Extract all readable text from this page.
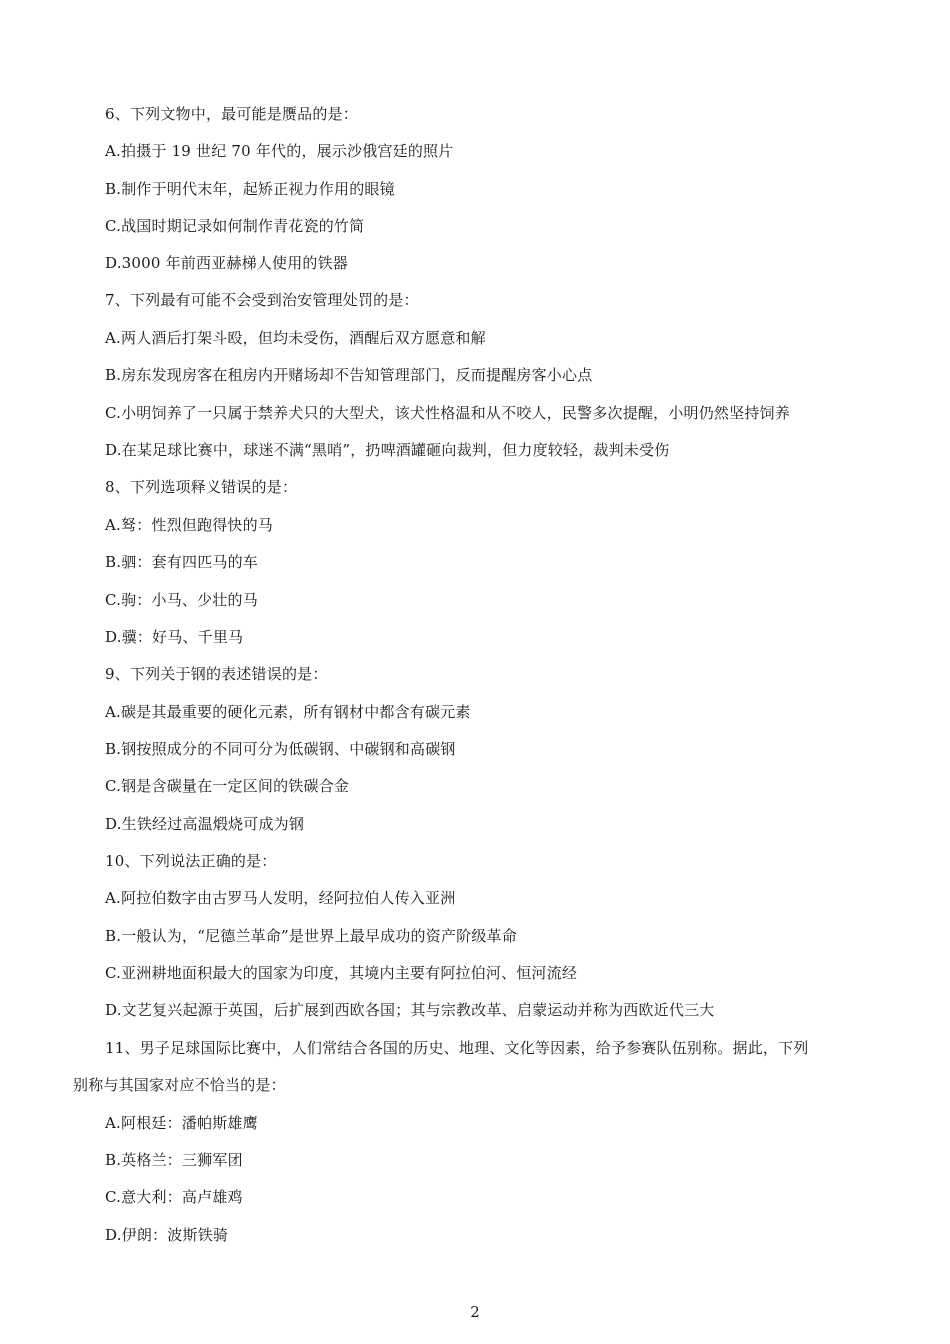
6、下列文物中，最可能是赝品的是：
A.拍摄于 19 世纪 70 年代的，展示沙俄宫廷的照片
B.制作于明代末年，起矫正视力作用的眼镜
C.战国时期记录如何制作青花瓷的竹简
D.3000 年前西亚赫梯人使用的铁器
7、下列最有可能不会受到治安管理处罚的是：
A.两人酒后打架斗殴，但均未受伤，酒醒后双方愿意和解
B.房东发现房客在租房内开赌场却不告知管理部门，反而提醒房客小心点
C.小明饲养了一只属于禁养犬只的大型犬，该犬性格温和从不咬人，民警多次提醒，小明仍然坚持饲养
D.在某足球比赛中，球迷不满“黑哨”，扔啤酒罐砸向裁判，但力度较轻，裁判未受伤
8、下列选项释义错误的是：
A.驽：性烈但跑得快的马
B.驷：套有四匹马的车
C.驹：小马、少壮的马
D.骥：好马、千里马
9、下列关于钢的表述错误的是：
A.碳是其最重要的硬化元素，所有钢材中都含有碳元素
B.钢按照成分的不同可分为低碳钢、中碳钢和高碳钢
C.钢是含碳量在一定区间的铁碳合金
D.生铁经过高温煅烧可成为钢
10、下列说法正确的是：
A.阿拉伯数字由古罗马人发明，经阿拉伯人传入亚洲
B.一般认为，“尼德兰革命”是世界上最早成功的资产阶级革命
C.亚洲耕地面积最大的国家为印度，其境内主要有阿拉伯河、恒河流经
D.文艺复兴起源于英国，后扩展到西欧各国；其与宗教改革、启蒙运动并称为西欧近代三大
11、男子足球国际比赛中，人们常结合各国的历史、地理、文化等因素，给予参赛队伍别称。据此，下列
别称与其国家对应不恰当的是：
A.阿根廷：潘帕斯雄鹰
B.英格兰：三狮军团
C.意大利：高卢雄鸡
D.伊朗：波斯铁骑
2
